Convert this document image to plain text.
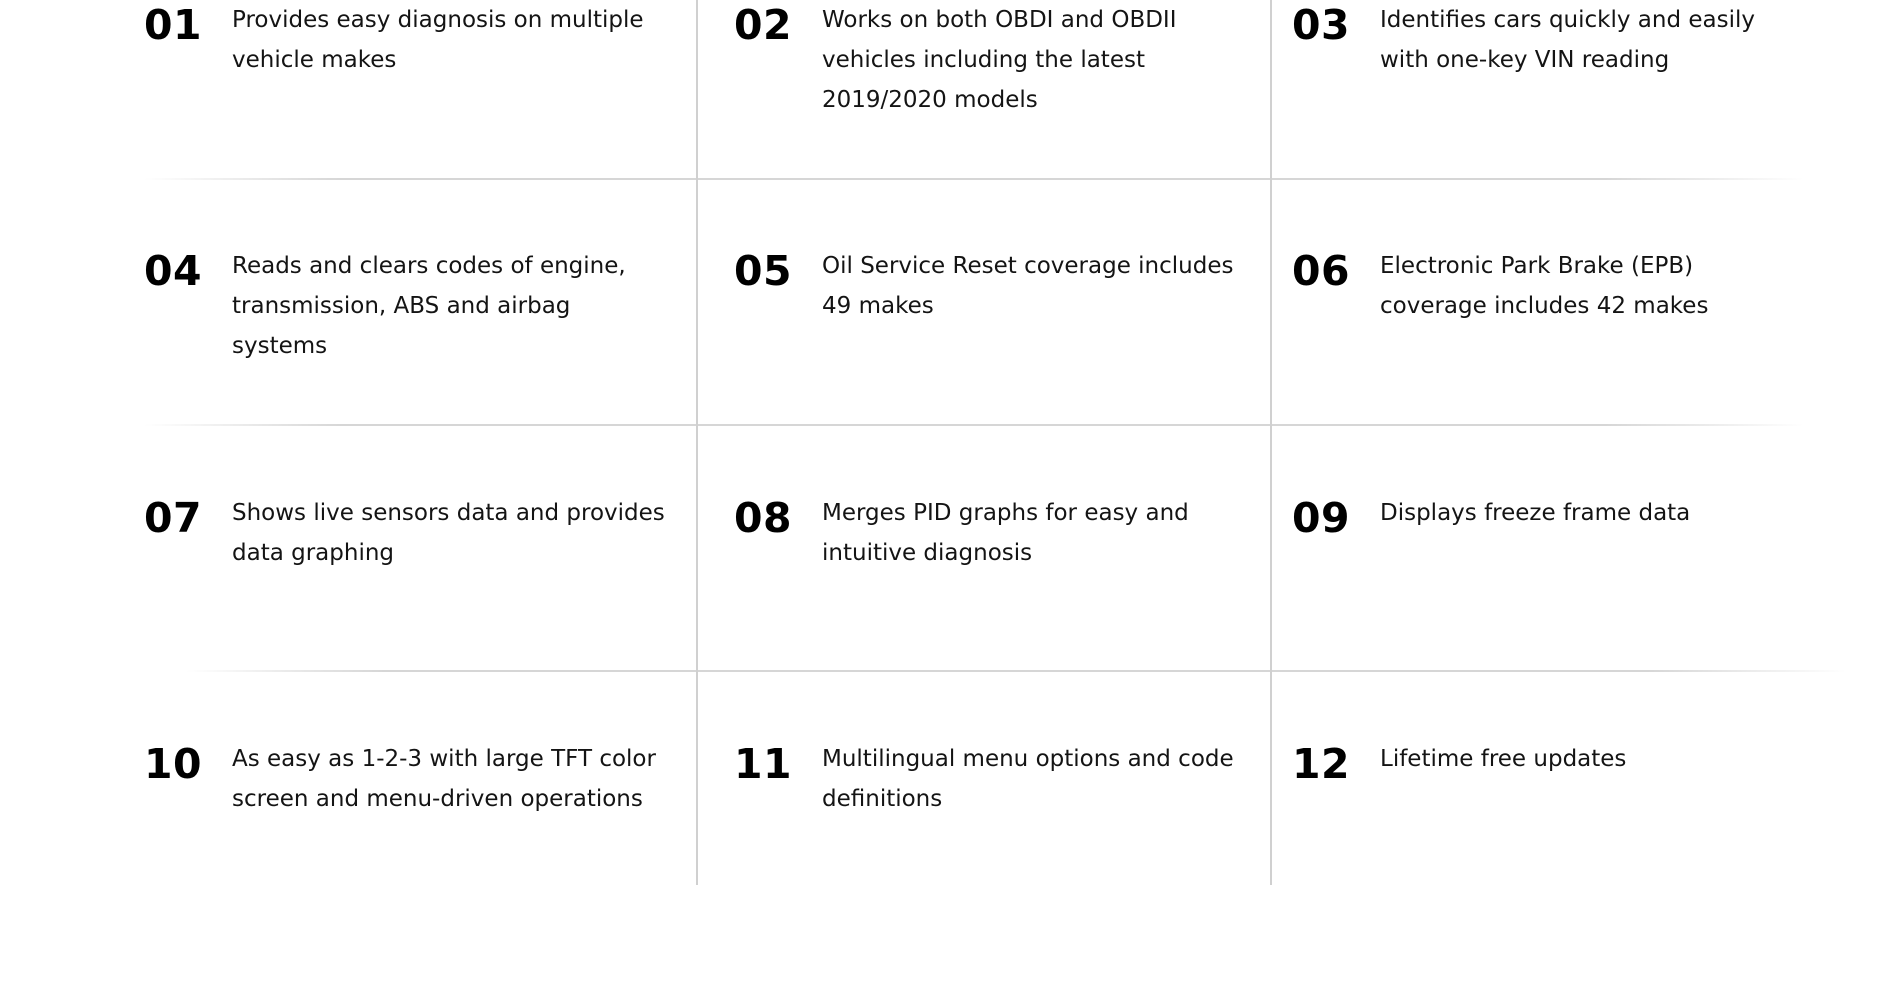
01	Provides easy diagnosis on multiple vehicle makes
02	Works on both OBDI and OBDII vehicles including the latest 2019/2020 models
03	Identifies cars quickly and easily with one-key VIN reading
04	Reads and clears codes of engine, transmission, ABS and airbag systems
05	Oil Service Reset coverage includes 49 makes
06	Electronic Park Brake (EPB) coverage includes 42 makes
07	Shows live sensors data and provides data graphing
08	Merges PID graphs for easy and intuitive diagnosis
09	Displays freeze frame data
10	As easy as 1-2-3 with large TFT color screen and menu-driven operations
11	Multilingual menu options and code definitions
12	Lifetime free updates
